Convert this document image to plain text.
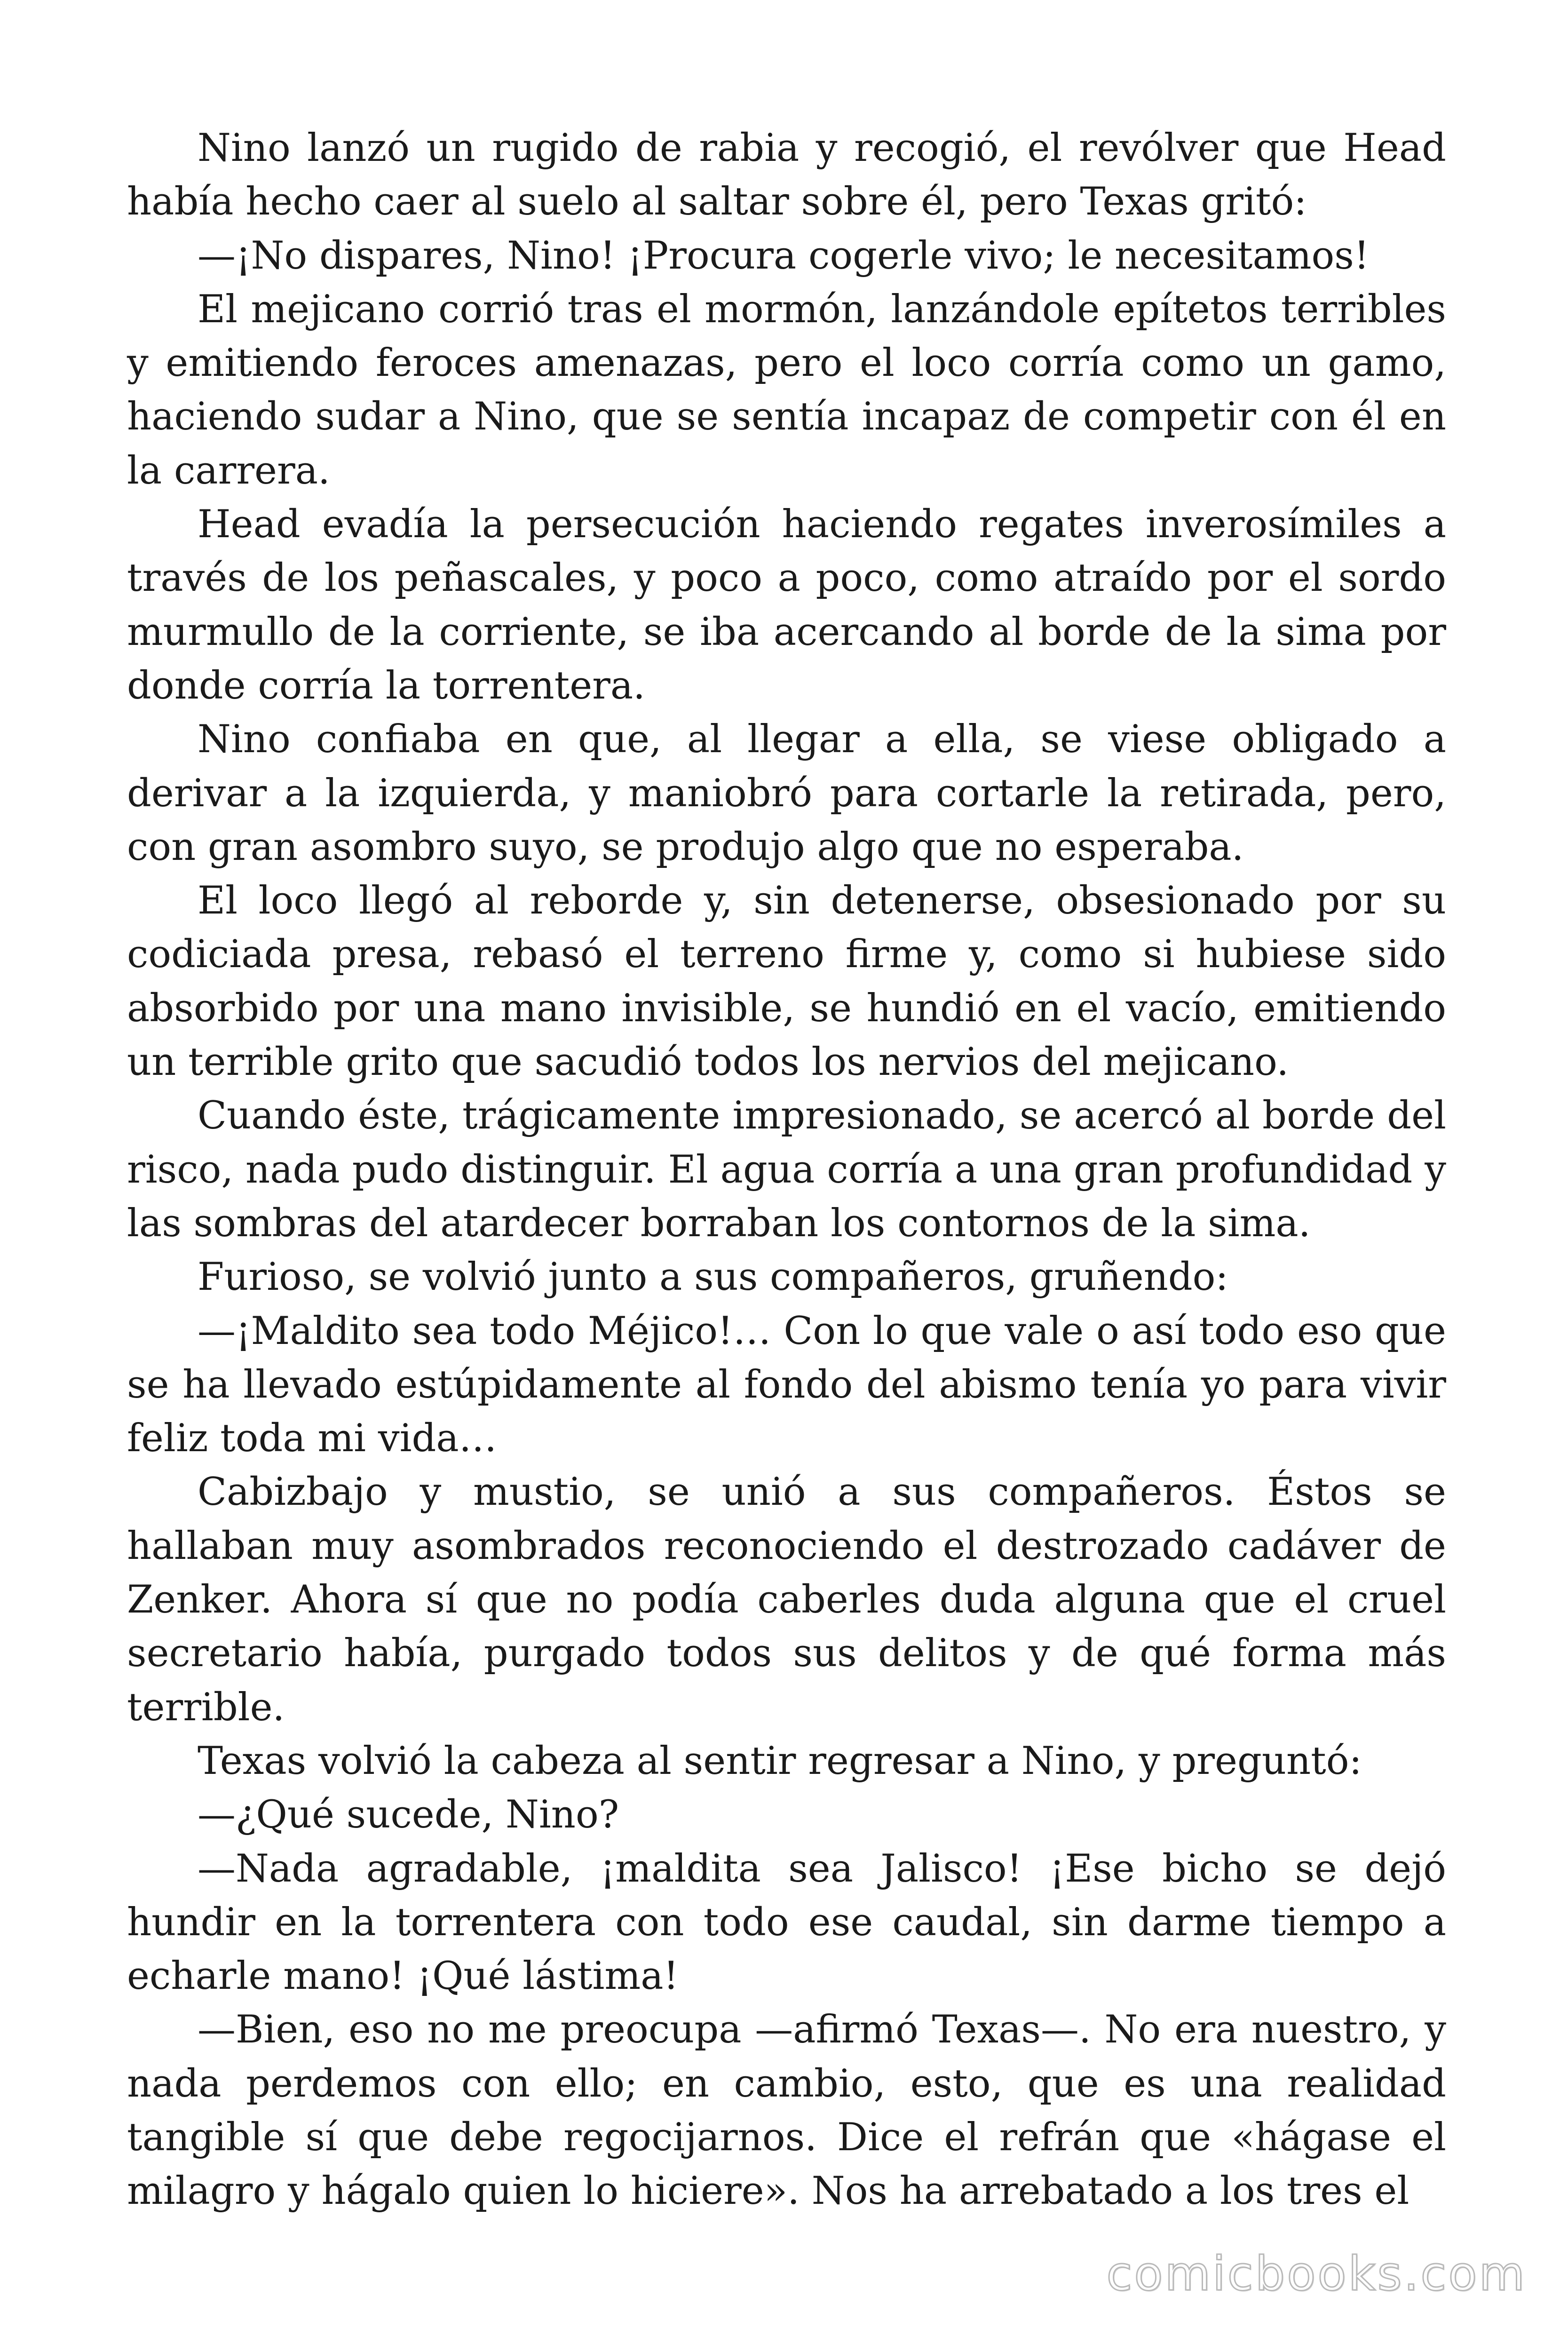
Nino lanzó un rugido de rabia y recogió, el revólver que Head había hecho caer al suelo al saltar sobre él, pero Texas gritó:

—¡No dispares, Nino! ¡Procura cogerle vivo; le necesitamos!

El mejicano corrió tras el mormón, lanzándole epítetos terribles y emitiendo feroces amenazas, pero el loco corría como un gamo, haciendo sudar a Nino, que se sentía incapaz de competir con él en la carrera.

Head evadía la persecución haciendo regates inverosímiles a través de los peñascales, y poco a poco, como atraído por el sordo murmullo de la corriente, se iba acercando al borde de la sima por donde corría la torrentera.

Nino confiaba en que, al llegar a ella, se viese obligado a derivar a la izquierda, y maniobró para cortarle la retirada, pero, con gran asombro suyo, se produjo algo que no esperaba.

El loco llegó al reborde y, sin detenerse, obsesionado por su codiciada presa, rebasó el terreno firme y, como si hubiese sido absorbido por una mano invisible, se hundió en el vacío, emitiendo un terrible grito que sacudió todos los nervios del mejicano.

Cuando éste, trágicamente impresionado, se acercó al borde del risco, nada pudo distinguir. El agua corría a una gran profundidad y las sombras del atardecer borraban los contornos de la sima.

Furioso, se volvió junto a sus compañeros, gruñendo:

—¡Maldito sea todo Méjico!… Con lo que vale o así todo eso que se ha llevado estúpidamente al fondo del abismo tenía yo para vivir feliz toda mi vida…

Cabizbajo y mustio, se unió a sus compañeros. Éstos se hallaban muy asombrados reconociendo el destrozado cadáver de Zenker. Ahora sí que no podía caberles duda alguna que el cruel secretario había, purgado todos sus delitos y de qué forma más terrible.

Texas volvió la cabeza al sentir regresar a Nino, y preguntó:

—¿Qué sucede, Nino?

—Nada agradable, ¡maldita sea Jalisco! ¡Ese bicho se dejó hundir en la torrentera con todo ese caudal, sin darme tiempo a echarle mano! ¡Qué lástima!

—Bien, eso no me preocupa —afirmó Texas—. No era nuestro, y nada perdemos con ello; en cambio, esto, que es una realidad tangible sí que debe regocijarnos. Dice el refrán que «hágase el milagro y hágalo quien lo hiciere». Nos ha arrebatado a los tres el

comicbooks.com
